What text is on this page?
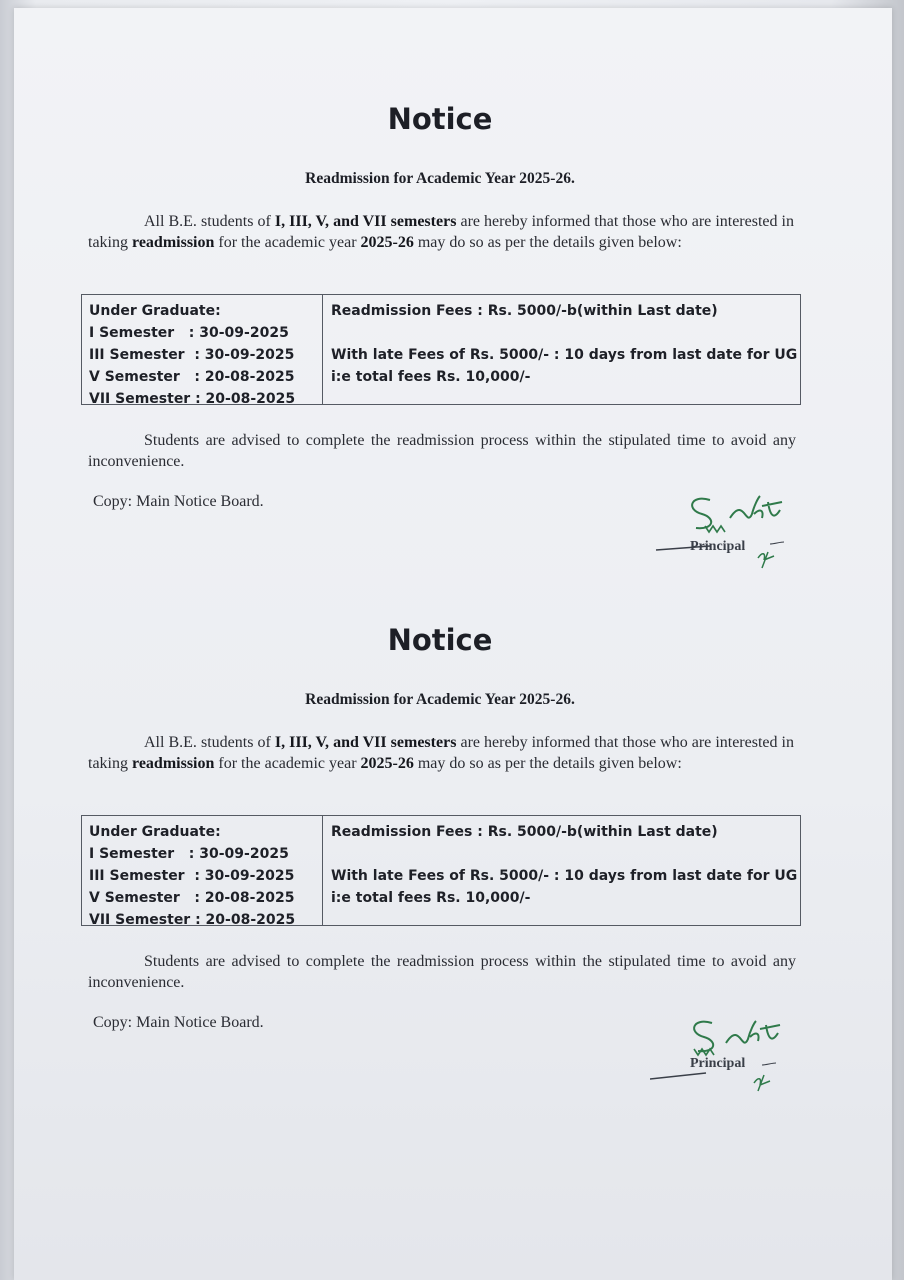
Notice
Readmission for Academic Year 2025-26.
All B.E. students of I, III, V, and VII semesters are hereby informed that those who are interested in taking readmission for the academic year 2025-26 may do so as per the details given below:
Under Graduate:
I Semester   : 30-09-2025
III Semester  : 30-09-2025
V Semester   : 20-08-2025
VII Semester : 20-08-2025
Readmission Fees : Rs. 5000/-b(within Last date)
With late Fees of Rs. 5000/- : 10 days from last date for UG
i:e total fees Rs. 10,000/-
Students are advised to complete the readmission process within the stipulated time to avoid any inconvenience.
Copy: Main Notice Board.
Principal
Notice
Readmission for Academic Year 2025-26.
All B.E. students of I, III, V, and VII semesters are hereby informed that those who are interested in taking readmission for the academic year 2025-26 may do so as per the details given below:
Under Graduate:
I Semester   : 30-09-2025
III Semester  : 30-09-2025
V Semester   : 20-08-2025
VII Semester : 20-08-2025
Readmission Fees : Rs. 5000/-b(within Last date)
With late Fees of Rs. 5000/- : 10 days from last date for UG
i:e total fees Rs. 10,000/-
Students are advised to complete the readmission process within the stipulated time to avoid any inconvenience.
Copy: Main Notice Board.
Principal
